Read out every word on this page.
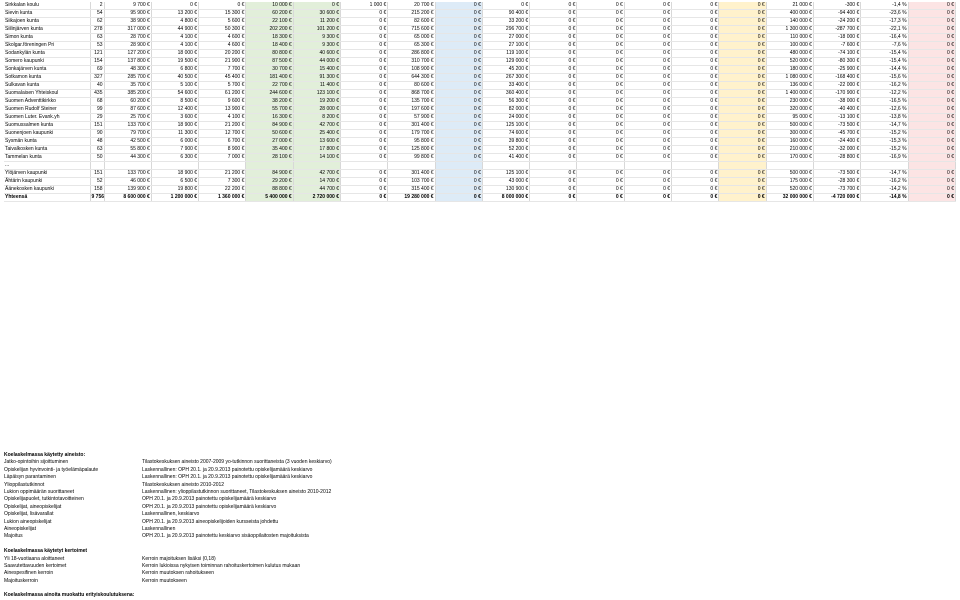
Sirkkalan koulu	2	9 700 €	0 €	0 €	10 000 €	0 €	1 000 €	20 700 €	0 €	0 €	0 €	0 €	0 €	0 €	0 €	21 000 €	-300 €	-1,4 %	0 €
Sievin kunta	54	95 900 €	13 200 €	15 300 €	60 200 €	30 600 €	0 €	215 200 €	0 €	90 400 €	0 €	0 €	0 €	0 €	0 €	400 000 €	-94 400 €	-23,6 %	0 €
Siikajoen kunta	62	38 900 €	4 800 €	5 600 €	22 100 €	11 200 €	0 €	82 600 €	0 €	33 200 €	0 €	0 €	0 €	0 €	0 €	140 000 €	-24 200 €	-17,3 %	0 €
Siilinjärven kunta	278	317 000 €	44 900 €	50 300 €	202 200 €	101 200 €	0 €	715 600 €	0 €	296 700 €	0 €	0 €	0 €	0 €	0 €	1 300 000 €	-287 700 €	-22,1 %	0 €
Simon kunta	63	28 700 €	4 100 €	4 600 €	18 300 €	9 300 €	0 €	65 000 €	0 €	27 000 €	0 €	0 €	0 €	0 €	0 €	110 000 €	-18 000 €	-16,4 %	0 €
Skolgar.föreningen Pri	53	28 900 €	4 100 €	4 600 €	18 400 €	9 300 €	0 €	65 300 €	0 €	27 100 €	0 €	0 €	0 €	0 €	0 €	100 000 €	-7 600 €	-7,6 %	0 €
Sodankylän kunta	121	127 200 €	18 000 €	20 200 €	80 800 €	40 600 €	0 €	286 800 €	0 €	119 100 €	0 €	0 €	0 €	0 €	0 €	480 000 €	-74 100 €	-15,4 %	0 €
Somero kaupunki	154	137 800 €	19 500 €	21 900 €	87 500 €	44 000 €	0 €	310 700 €	0 €	129 000 €	0 €	0 €	0 €	0 €	0 €	520 000 €	-80 300 €	-15,4 %	0 €
Sonkajärven kunta	69	48 300 €	6 800 €	7 700 €	30 700 €	15 400 €	0 €	108 900 €	0 €	45 200 €	0 €	0 €	0 €	0 €	0 €	180 000 €	-25 900 €	-14,4 %	0 €
Sotkamon kunta	327	285 700 €	40 500 €	45 400 €	181 400 €	91 300 €	0 €	644 300 €	0 €	267 300 €	0 €	0 €	0 €	0 €	0 €	1 080 000 €	-168 400 €	-15,6 %	0 €
Sulkavan kunta	40	35 700 €	5 100 €	5 700 €	22 700 €	11 400 €	0 €	80 600 €	0 €	33 400 €	0 €	0 €	0 €	0 €	0 €	136 000 €	-22 000 €	-16,2 %	0 €
Suomalaisen Yhteiskoul	435	385 200 €	54 600 €	61 200 €	244 600 €	123 100 €	0 €	868 700 €	0 €	360 400 €	0 €	0 €	0 €	0 €	0 €	1 400 000 €	-170 900 €	-12,2 %	0 €
Suomen Adventtikirkko	68	60 200 €	8 500 €	9 600 €	38 200 €	19 200 €	0 €	135 700 €	0 €	56 300 €	0 €	0 €	0 €	0 €	0 €	230 000 €	-38 000 €	-16,5 %	0 €
Suomen Rudolf Steiner	99	87 600 €	12 400 €	13 900 €	55 700 €	28 000 €	0 €	197 600 €	0 €	82 000 €	0 €	0 €	0 €	0 €	0 €	320 000 €	-40 400 €	-12,6 %	0 €
Suomen Luter. Evank.yh	29	25 700 €	3 600 €	4 100 €	16 300 €	8 200 €	0 €	57 900 €	0 €	24 000 €	0 €	0 €	0 €	0 €	0 €	95 000 €	-13 100 €	-13,8 %	0 €
Suomussalmen kunta	151	133 700 €	18 900 €	21 200 €	84 900 €	42 700 €	0 €	301 400 €	0 €	125 100 €	0 €	0 €	0 €	0 €	0 €	500 000 €	-73 500 €	-14,7 %	0 €
Suonenjoen kaupunki	90	79 700 €	11 300 €	12 700 €	50 600 €	25 400 €	0 €	179 700 €	0 €	74 600 €	0 €	0 €	0 €	0 €	0 €	300 000 €	-45 700 €	-15,2 %	0 €
Sysmän kunta	48	42 500 €	6 000 €	6 700 €	27 000 €	13 600 €	0 €	95 800 €	0 €	39 800 €	0 €	0 €	0 €	0 €	0 €	160 000 €	-24 400 €	-15,3 %	0 €
Taivalkosken kunta	63	55 800 €	7 900 €	8 900 €	35 400 €	17 800 €	0 €	125 800 €	0 €	52 200 €	0 €	0 €	0 €	0 €	0 €	210 000 €	-32 000 €	-15,2 %	0 €
Tammelan kunta	50	44 300 €	6 300 €	7 000 €	28 100 €	14 100 €	0 €	99 800 €	0 €	41 400 €	0 €	0 €	0 €	0 €	0 €	170 000 €	-28 800 €	-16,9 %	0 €
...																			
Ylöjärven kaupunki	151	133 700 €	18 900 €	21 200 €	84 900 €	42 700 €	0 €	301 400 €	0 €	125 100 €	0 €	0 €	0 €	0 €	0 €	500 000 €	-73 500 €	-14,7 %	0 €
Ähtärin kaupunki	52	46 000 €	6 500 €	7 300 €	29 200 €	14 700 €	0 €	103 700 €	0 €	43 000 €	0 €	0 €	0 €	0 €	0 €	175 000 €	-28 300 €	-16,2 %	0 €
Äänekosken kaupunki	158	139 900 €	19 800 €	22 200 €	88 800 €	44 700 €	0 €	315 400 €	0 €	130 900 €	0 €	0 €	0 €	0 €	0 €	520 000 €	-73 700 €	-14,2 %	0 €
Yhteensä	9 756	8 600 000 €	1 200 000 €	1 360 000 €	5 400 000 €	2 720 000 €	0 €	19 280 000 €	0 €	8 000 000 €	0 €	0 €	0 €	0 €	0 €	32 000 000 €	-4 720 000 €	-14,8 %	0 €
Koelaskelmassa käytetty aineisto:
Jatko-opintoihin sijoittuminen	Tilastokeskuksen aineisto 2007-2009 yo-tutkinnon suorittaneista (3 vuoden keskiarvo)
Opiskelijan hyvinvointi- ja työelämäpalaute	Laskennallinen: OPH 20.1. ja 20.9.2013 painotettu opiskelijamäärä keskiarvo
Läpäisyn parantaminen	Laskennallinen: OPH 20.1. ja 20.9.2013 painotettu opiskelijamäärä keskiarvo
Ylioppilastutkinnot	Tilastokeskuksen aineisto 2010-2012
Lukion oppimäärän suorittaneet	Laskennallinen: ylioppilastutkinnon suorittaneet, Tilastokeskuksen aineisto 2010-2012
Opiskelijapuolet, tutkintotavoitteinen	OPH 20.1. ja 20.9.2013 painotettu opiskelijamäärä keskiarvo
Opiskelijat, aineopiskelijat	OPH 20.1. ja 20.9.2013 painotettu opiskelijamäärä keskiarvo
Opiskelijat, lisävarallat	Laskennallinen, keskiarvo
Lukion aineopiskelijat	OPH 20.1. ja 20.9.2013 aineopiskelijoiden kursseista johdettu
Aineopiskelijat	Laskennallinen
Majoitus	OPH 20.1. ja 20.9.2013 painotettu keskiarvo sisäoppilaitosten majoituksista
Koelaskelmassa käytetyt kertoimet
Yli 18-vuotiaana aloittaneet	Kerroin majoituksen lisäksi (0,18)
Saavutettavuuden kertoimet	Kerroin lukioissa nykyisen toiminnan rahoituskertoimen kulutus mukaan
Ainespesifinen kerroin	Kerroin muutoksen rahoitukseen
Majoituskerroin	Kerroin muutokseen
Koelaskelmassa ainoita muokattu erityiskoulutuksena:
